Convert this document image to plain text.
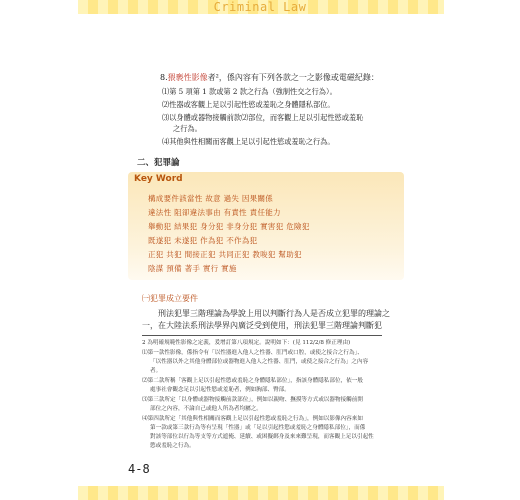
Criminal Law
8.猥褻性影像者²，係內容有下列各款之一之影像或電磁紀錄：
⑴第 5 項第 1 款或第 2 款之行為（強制性交之行為）。
⑵性器或客觀上足以引起性慾或羞恥之身體隱私部位。
⑶以身體或器物接觸前款⑵部位，而客觀上足以引起性慾或羞恥
之行為。
⑷其他與性相關而客觀上足以引起性慾或羞恥之行為。
二、犯罪論
Key Word
構成要件該當性 故意 過失 因果關係
違法性 阻卻違法事由 有責性 責任能力
舉動犯 結果犯 身分犯 非身分犯 實害犯 危險犯
既遂犯 未遂犯 作為犯 不作為犯
正犯 共犯 間接正犯 共同正犯 教唆犯 幫助犯
陰謀 預備 著手 實行 實施
㈠犯罪成立要件
刑法犯罪三階理論為學說上用以判斷行為人是否成立犯罪的理論之
一，在大陸法系刑法學界內廣泛受到使用，刑法犯罪三階理論判斷犯
2 為明確規範性影像之定義，爰增訂第八項規定。說明如下：(見 112/2/8 修正理由)
⑴第一款性影像，係指令有「以性器進入他人之性器、肛門或口腔，或使之接合之行為」、
「以性器以外之其他身體部位或器物進入他人之性器、肛門，或使之接合之行為」之內容
者。
⑵第二款所稱「客觀上足以引起性慾或羞恥之身體隱私部位」，指該身體隱私部位，依一般
處事社會觀念足以引起性慾或羞恥者，例如胸部、臀部。
⑶第三款所定「以身體或器物接觸前款部位」，例如以親吻、撫摸等方式或以器物接觸前開
部位之內容，不論自己或他人所為者均屬之。
⑷第四款所定「其他與性相關而客觀上足以引起性慾或羞恥之行為」，例如以影像內容來如
第一款或第三款行為等有呈現「性器」或「足以引起性慾或羞恥之身體隱私部位」，而係
對該等部位以行為等支等方式遮掩、延續、或困擬綁身及來來難呈現，而客觀上足以引起性
慾或羞恥之行為。
4-8
